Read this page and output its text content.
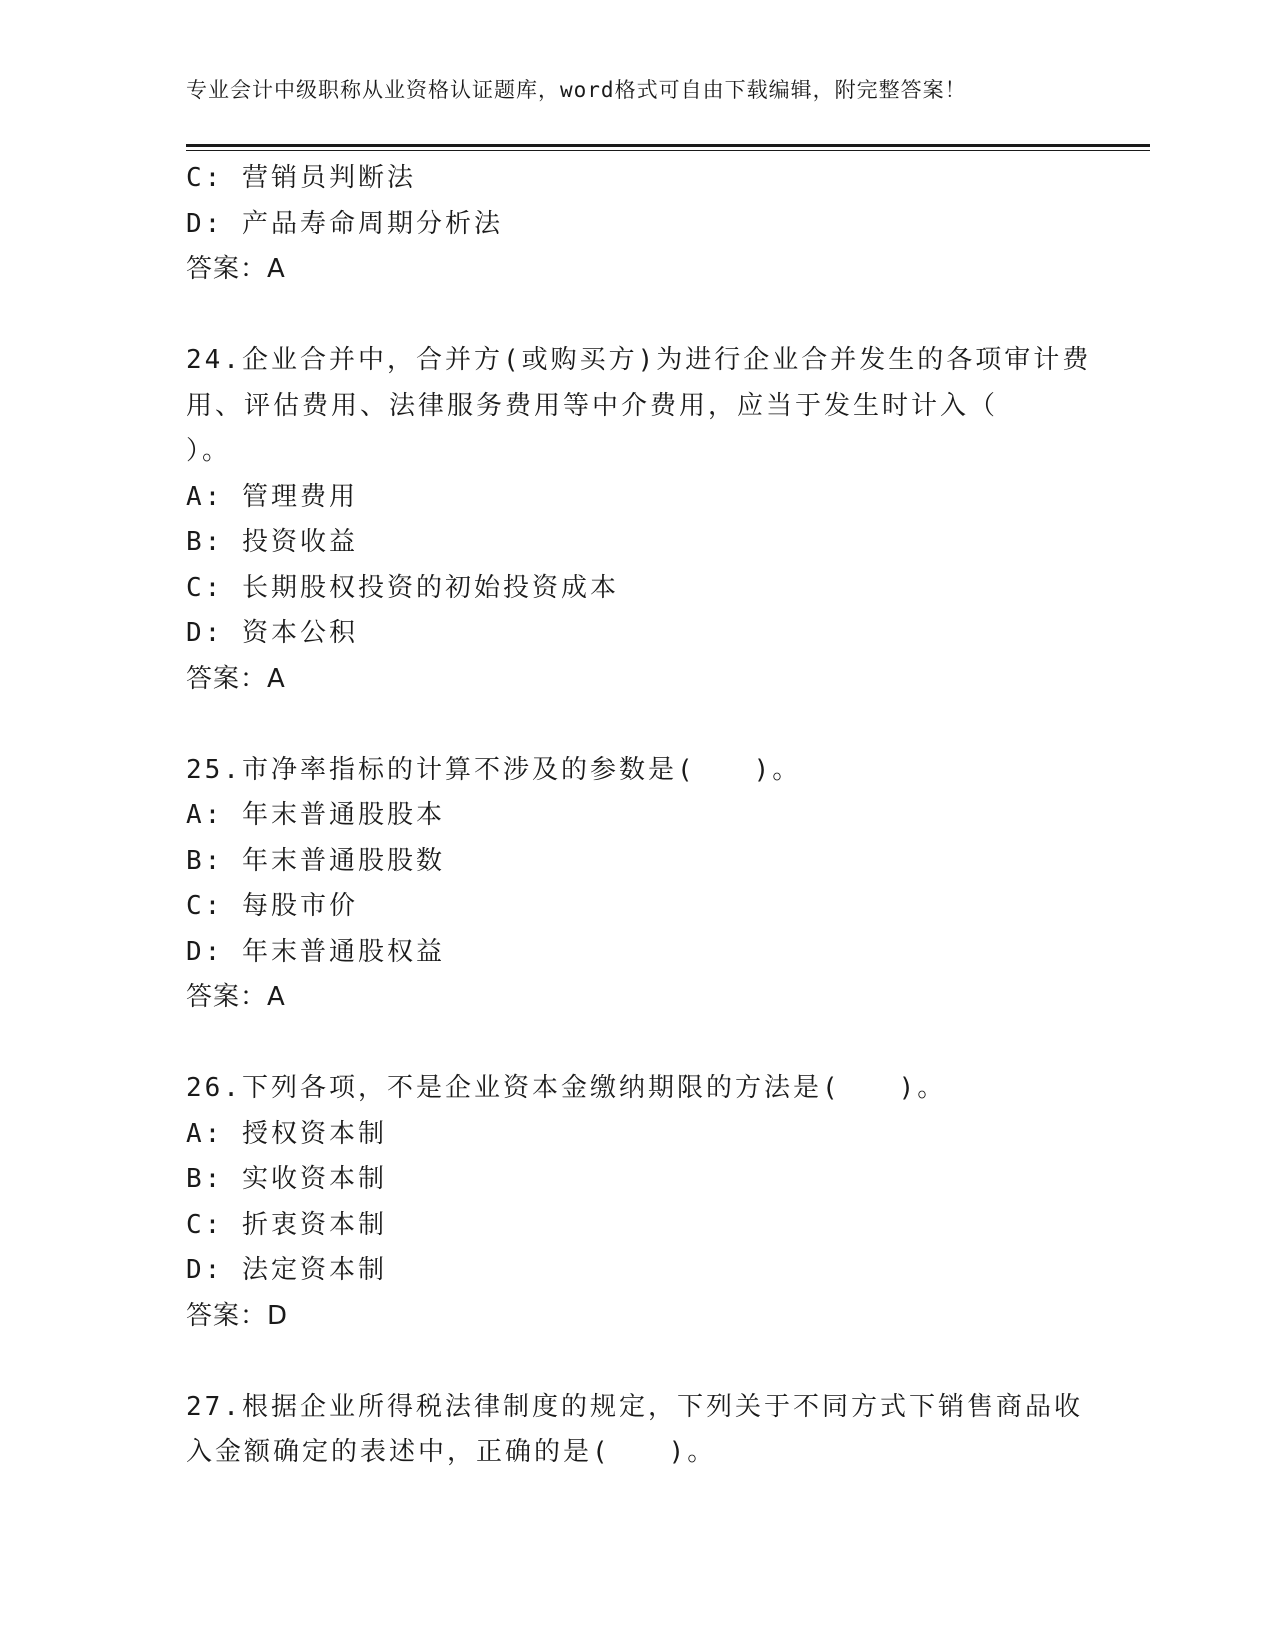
专业会计中级职称从业资格认证题库，word格式可自由下载编辑，附完整答案！
C: 营销员判断法
D: 产品寿命周期分析法
答案：A
24.企业合并中，合并方(或购买方)为进行企业合并发生的各项审计费
用、评估费用、法律服务费用等中介费用，应当于发生时计入（
）。
A: 管理费用
B: 投资收益
C: 长期股权投资的初始投资成本
D: 资本公积
答案：A
25.市净率指标的计算不涉及的参数是(　　)。
A: 年末普通股股本
B: 年末普通股股数
C: 每股市价
D: 年末普通股权益
答案：A
26.下列各项，不是企业资本金缴纳期限的方法是(　　)。
A: 授权资本制
B: 实收资本制
C: 折衷资本制
D: 法定资本制
答案：D
27.根据企业所得税法律制度的规定，下列关于不同方式下销售商品收
入金额确定的表述中，正确的是(　　)。
